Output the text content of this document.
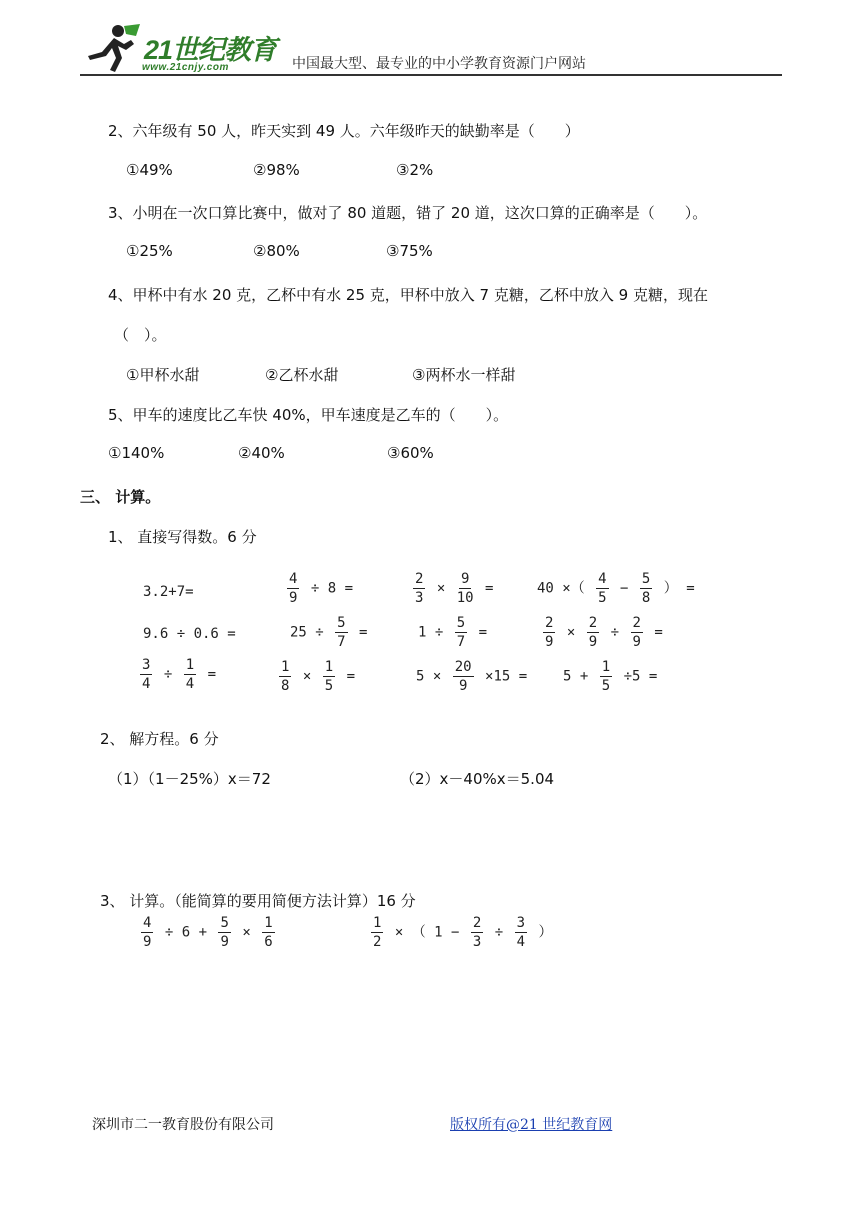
21世纪教育
www.21cnjy.com	中国最大型、最专业的中小学教育资源门户网站
2、六年级有 50 人，昨天实到 49 人。六年级昨天的缺勤率是（　　）
①49%	②98%	③2%
3、小明在一次口算比赛中，做对了 80 道题，错了 20 道，这次口算的正确率是（　　）。
①25%	②80%	③75%
4、甲杯中有水 20 克，乙杯中有水 25 克，甲杯中放入 7 克糖，乙杯中放入 9 克糖，现在
（　）。
①甲杯水甜	②乙杯水甜	③两杯水一样甜
5、甲车的速度比乙车快 40%，甲车速度是乙车的（　　）。
①140%	②40%	③60%
三、 计算。
1、 直接写得数。6 分
3.2+7=	$\frac{4}{9} \div 8$ =	$\frac{2}{3} \times \frac{9}{10}$ =	40 ×（ $\frac{4}{5} - \frac{5}{8}$ ） =
9.6 ÷ 0.6 =	$25 \div \frac{5}{7}$ =	$1 \div \frac{5}{7}$ =	$\frac{2}{9} \times \frac{2}{9} \div \frac{2}{9}$ =
$\frac{3}{4} \div \frac{1}{4}$ =	$\frac{1}{8} \times \frac{1}{5}$ =	$5 \times \frac{20}{9} \times 15$ =	$5 + \frac{1}{5} \div 5$ =
2、 解方程。6 分
（1）（1－25%）x＝72	（2）x－40%x＝5.04
3、 计算。（能简算的要用简便方法计算）16 分
$\frac{4}{9} \div 6 + \frac{5}{9} \times \frac{1}{6}$	$\frac{1}{2}$ × （ $1 - \frac{2}{3} \div \frac{3}{4}$ ）
深圳市二一教育股份有限公司	版权所有@21 世纪教育网
